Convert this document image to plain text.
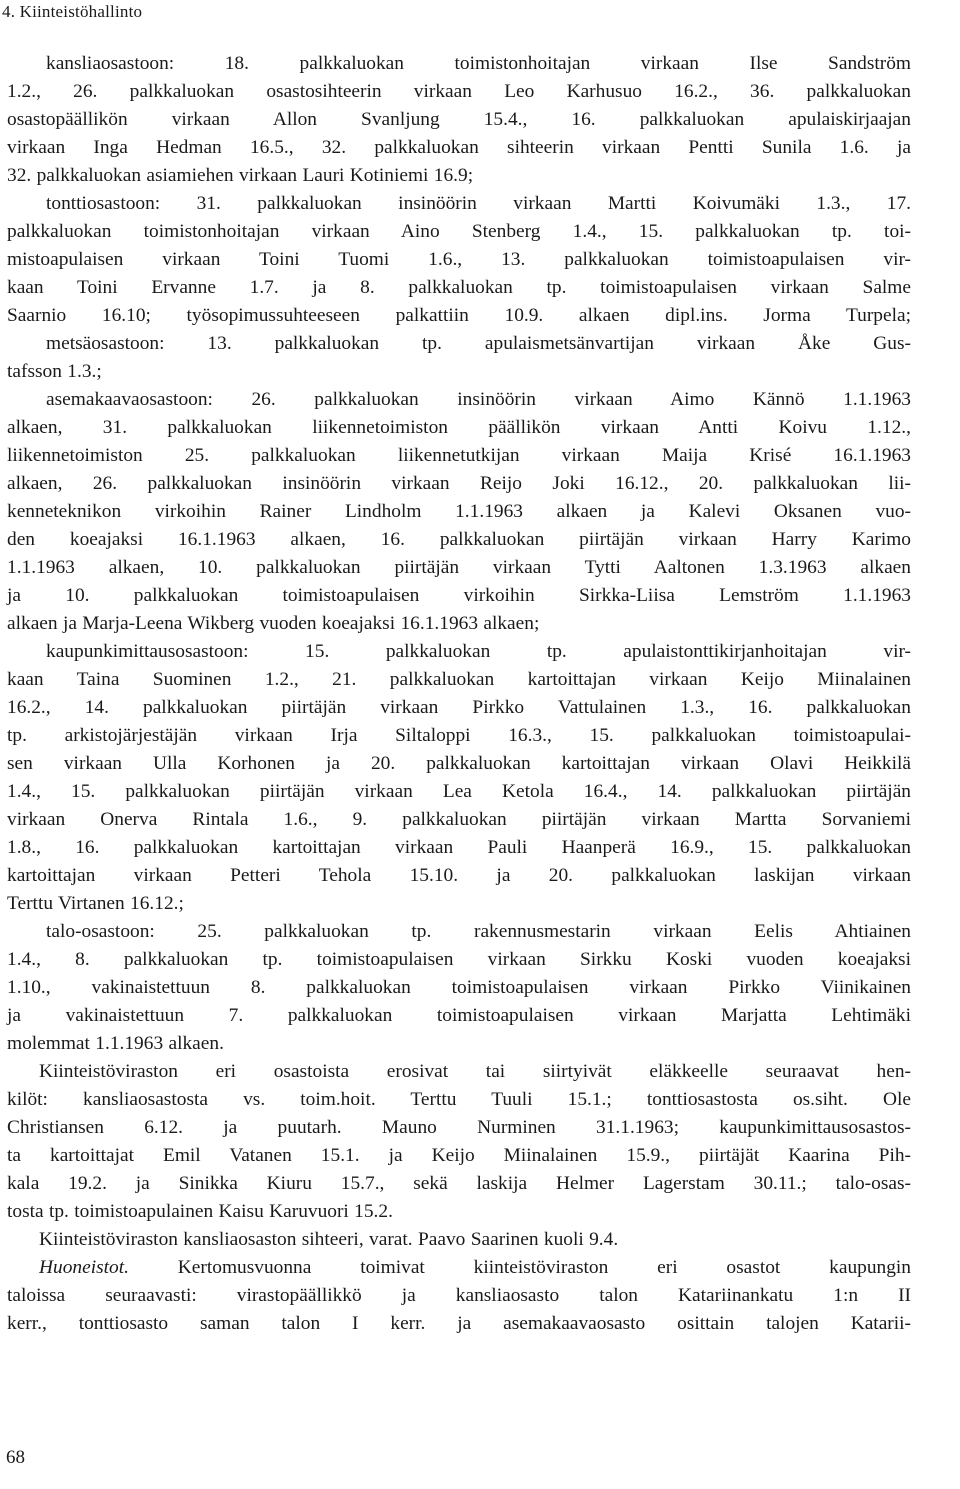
4. Kiinteistöhallinto
kansliaosastoon: 18. palkkaluokan toimistonhoitajan virkaan Ilse Sandström
1.2., 26. palkkaluokan osastosihteerin virkaan Leo Karhusuo 16.2., 36. palkkaluokan
osastopäällikön virkaan Allon Svanljung 15.4., 16. palkkaluokan apulaiskirjaajan
virkaan Inga Hedman 16.5., 32. palkkaluokan sihteerin virkaan Pentti Sunila 1.6. ja
32. palkkaluokan asiamiehen virkaan Lauri Kotiniemi 16.9;
tonttiosastoon: 31. palkkaluokan insinöörin virkaan Martti Koivumäki 1.3., 17.
palkkaluokan toimistonhoitajan virkaan Aino Stenberg 1.4., 15. palkkaluokan tp. toi-
mistoapulaisen virkaan Toini Tuomi 1.6., 13. palkkaluokan toimistoapulaisen vir-
kaan Toini Ervanne 1.7. ja 8. palkkaluokan tp. toimistoapulaisen virkaan Salme
Saarnio 16.10; työsopimussuhteeseen palkattiin 10.9. alkaen dipl.ins. Jorma Turpela;
metsäosastoon: 13. palkkaluokan tp. apulaismetsänvartijan virkaan Åke Gus-
tafsson 1.3.;
asemakaavaosastoon: 26. palkkaluokan insinöörin virkaan Aimo Kännö 1.1.1963
alkaen, 31. palkkaluokan liikennetoimiston päällikön virkaan Antti Koivu 1.12.,
liikennetoimiston 25. palkkaluokan liikennetutkijan virkaan Maija Krisé 16.1.1963
alkaen, 26. palkkaluokan insinöörin virkaan Reijo Joki 16.12., 20. palkkaluokan lii-
kenneteknikon virkoihin Rainer Lindholm 1.1.1963 alkaen ja Kalevi Oksanen vuo-
den koeajaksi 16.1.1963 alkaen, 16. palkkaluokan piirtäjän virkaan Harry Karimo
1.1.1963 alkaen, 10. palkkaluokan piirtäjän virkaan Tytti Aaltonen 1.3.1963 alkaen
ja 10. palkkaluokan toimistoapulaisen virkoihin Sirkka-Liisa Lemström 1.1.1963
alkaen ja Marja-Leena Wikberg vuoden koeajaksi 16.1.1963 alkaen;
kaupunkimittausosastoon: 15. palkkaluokan tp. apulaistonttikirjanhoitajan vir-
kaan Taina Suominen 1.2., 21. palkkaluokan kartoittajan virkaan Keijo Miinalainen
16.2., 14. palkkaluokan piirtäjän virkaan Pirkko Vattulainen 1.3., 16. palkkaluokan
tp. arkistojärjestäjän virkaan Irja Siltaloppi 16.3., 15. palkkaluokan toimistoapulai-
sen virkaan Ulla Korhonen ja 20. palkkaluokan kartoittajan virkaan Olavi Heikkilä
1.4., 15. palkkaluokan piirtäjän virkaan Lea Ketola 16.4., 14. palkkaluokan piirtäjän
virkaan Onerva Rintala 1.6., 9. palkkaluokan piirtäjän virkaan Martta Sorvaniemi
1.8., 16. palkkaluokan kartoittajan virkaan Pauli Haanperä 16.9., 15. palkkaluokan
kartoittajan virkaan Petteri Tehola 15.10. ja 20. palkkaluokan laskijan virkaan
Terttu Virtanen 16.12.;
talo-osastoon: 25. palkkaluokan tp. rakennusmestarin virkaan Eelis Ahtiainen
1.4., 8. palkkaluokan tp. toimistoapulaisen virkaan Sirkku Koski vuoden koeajaksi
1.10., vakinaistettuun 8. palkkaluokan toimistoapulaisen virkaan Pirkko Viinikainen
ja vakinaistettuun 7. palkkaluokan toimistoapulaisen virkaan Marjatta Lehtimäki
molemmat 1.1.1963 alkaen.
Kiinteistöviraston eri osastoista erosivat tai siirtyivät eläkkeelle seuraavat hen-
kilöt: kansliaosastosta vs. toim.hoit. Terttu Tuuli 15.1.; tonttiosastosta os.siht. Ole
Christiansen 6.12. ja puutarh. Mauno Nurminen 31.1.1963; kaupunkimittausosastos-
ta kartoittajat Emil Vatanen 15.1. ja Keijo Miinalainen 15.9., piirtäjät Kaarina Pih-
kala 19.2. ja Sinikka Kiuru 15.7., sekä laskija Helmer Lagerstam 30.11.; talo-osas-
tosta tp. toimistoapulainen Kaisu Karuvuori 15.2.
Kiinteistöviraston kansliaosaston sihteeri, varat. Paavo Saarinen kuoli 9.4.
Huoneistot. Kertomusvuonna toimivat kiinteistöviraston eri osastot kaupungin
taloissa seuraavasti: virastopäällikkö ja kansliaosasto talon Katariinankatu 1:n II
kerr., tonttiosasto saman talon I kerr. ja asemakaavaosasto osittain talojen Katarii-
68
